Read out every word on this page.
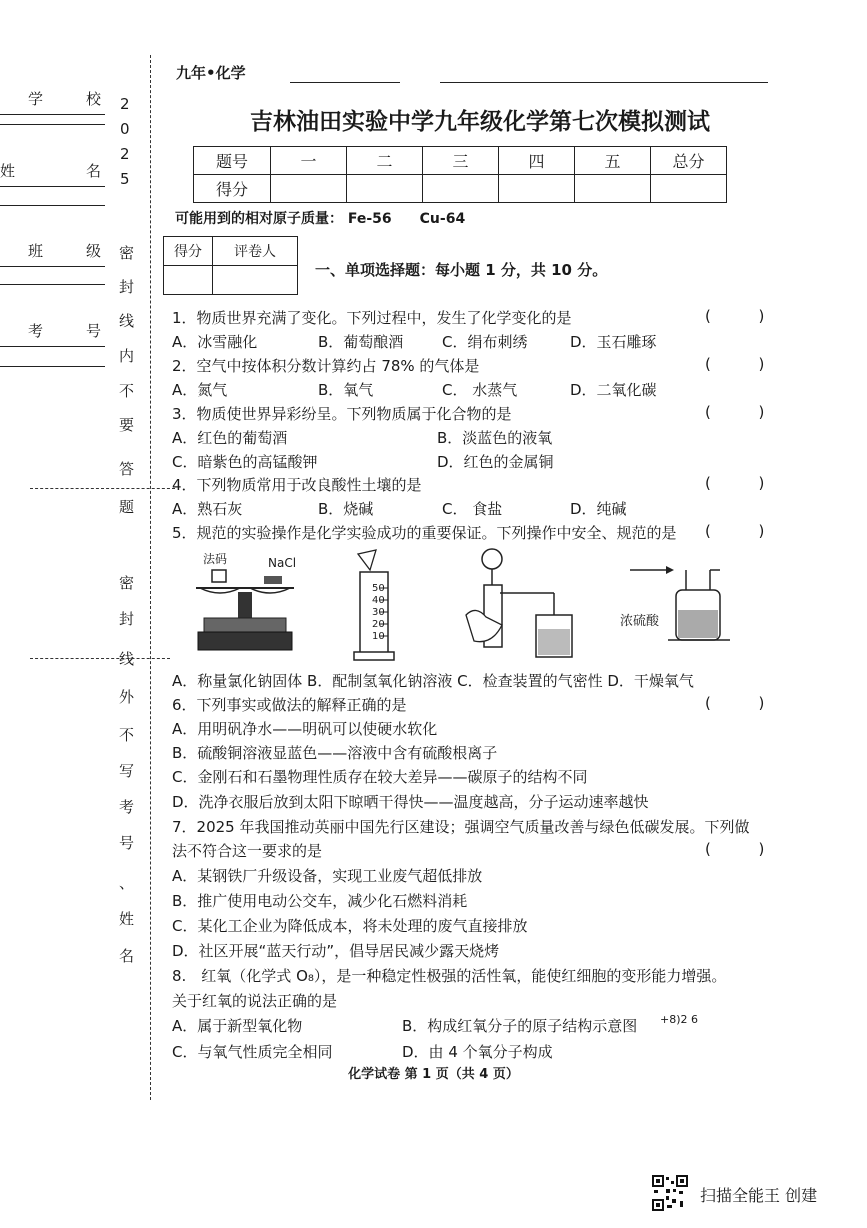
学	校
姓	名
班	级
考	号
2
0
2
5
密
封
线
内
不
要
答
题
密
封
线
外
不
写
考
号
、
姓
名
九年•化学
吉林油田实验中学九年级化学第七次模拟测试
题号	一	二	三	四	五	总分
得分						
可能用到的相对原子质量： Fe-56　　Cu-64
得分	评卷人

一、单项选择题：每小题 1 分，共 10 分。
1．物质世界充满了变化。下列过程中，发生了化学变化的是	(          )
A．冰雪融化	B．葡萄酿酒	C．绢布刺绣	D．玉石雕琢
2．空气中按体积分数计算约占 78% 的气体是	(          )
A．氮气	B．氧气	C． 水蒸气	D．二氧化碳
3．物质使世界异彩纷呈。下列物质属于化合物的是	(          )
A．红色的葡萄酒	B．淡蓝色的液氧
C．暗紫色的高锰酸钾	D．红色的金属铜
4．下列物质常用于改良酸性土壤的是	(          )
A．熟石灰	B．烧碱	C． 食盐	D．纯碱
5．规范的实验操作是化学实验成功的重要保证。下列操作中安全、规范的是 (          )
法码	NaCl
50
40
30
20
10
浓硫酸
A．称量氯化钠固体 B．配制氢氧化钠溶液 C．检查装置的气密性 D．干燥氧气
6．下列事实或做法的解释正确的是	(          )
A．用明矾净水——明矾可以使硬水软化
B．硫酸铜溶液显蓝色——溶液中含有硫酸根离子
C．金刚石和石墨物理性质存在较大差异——碳原子的结构不同
D．洗净衣服后放到太阳下晾晒干得快——温度越高，分子运动速率越快
7．2025 年我国推动英丽中国先行区建设；强调空气质量改善与绿色低碳发展。下列做
法不符合这一要求的是	(          )
A．某钢铁厂升级设备，实现工业废气超低排放
B．推广使用电动公交车，减少化石燃料消耗
C．某化工企业为降低成本，将未处理的废气直接排放
D．社区开展“蓝天行动”，倡导居民减少露天烧烤
8.　红氧（化学式 O₈），是一种稳定性极强的活性氧，能使红细胞的变形能力增强。
关于红氧的说法正确的是
A．属于新型氧化物	B．构成红氧分子的原子结构示意图 +8)2 6
C．与氧气性质完全相同	D．由 4 个氧分子构成
化学试卷 第 1 页（共 4 页）
扫描全能王 创建
